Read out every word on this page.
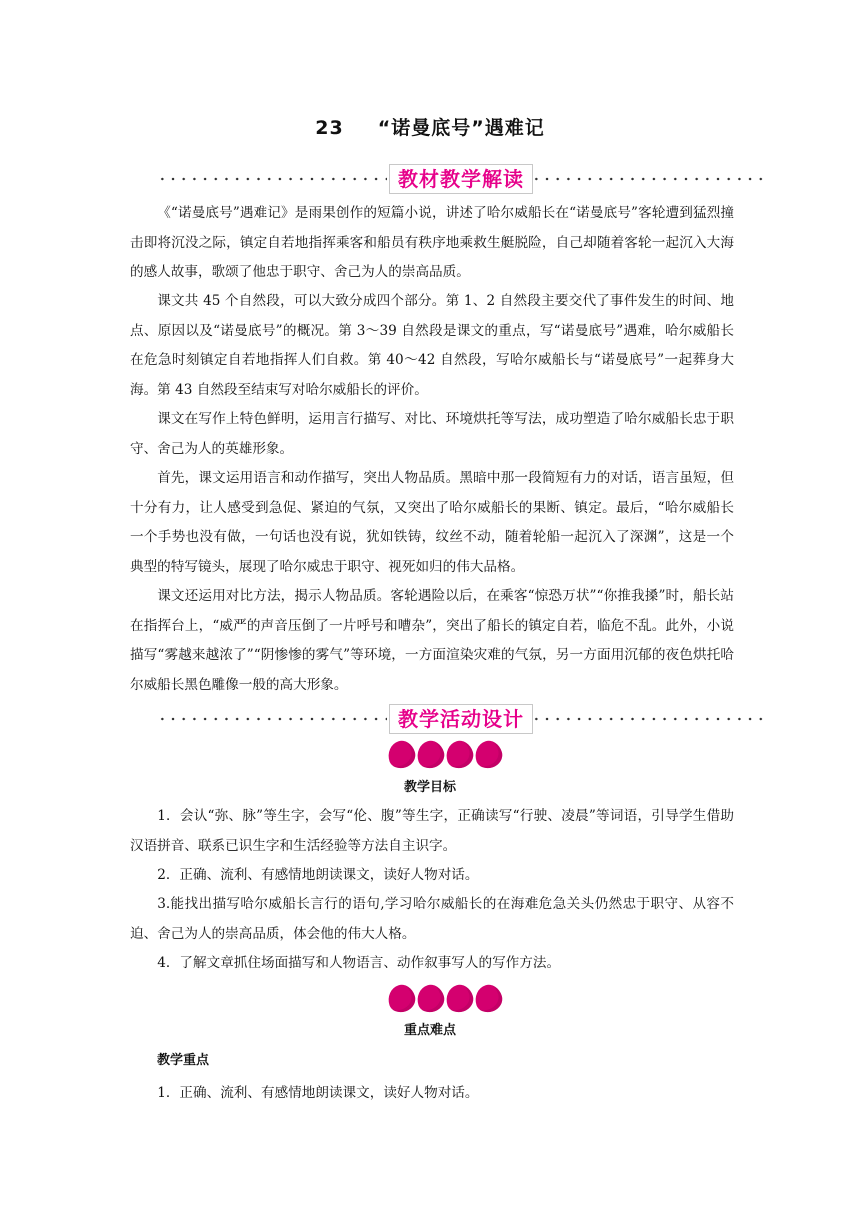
23 “诺曼底号”遇难记
教材教学解读

《“诺曼底号”遇难记》是雨果创作的短篇小说，讲述了哈尔威船长在“诺曼底号”客轮遭到猛烈撞击即将沉没之际，镇定自若地指挥乘客和船员有秩序地乘救生艇脱险，自己却随着客轮一起沉入大海的感人故事，歌颂了他忠于职守、舍己为人的崇高品质。

课文共 45 个自然段，可以大致分成四个部分。第 1、2 自然段主要交代了事件发生的时间、地点、原因以及“诺曼底号”的概况。第 3～39 自然段是课文的重点，写“诺曼底号”遇难，哈尔威船长在危急时刻镇定自若地指挥人们自救。第 40～42 自然段，写哈尔威船长与“诺曼底号”一起葬身大海。第 43 自然段至结束写对哈尔威船长的评价。

课文在写作上特色鲜明，运用言行描写、对比、环境烘托等写法，成功塑造了哈尔威船长忠于职守、舍己为人的英雄形象。

首先，课文运用语言和动作描写，突出人物品质。黑暗中那一段简短有力的对话，语言虽短，但十分有力，让人感受到急促、紧迫的气氛，又突出了哈尔威船长的果断、镇定。最后，“哈尔威船长一个手势也没有做，一句话也没有说，犹如铁铸，纹丝不动，随着轮船一起沉入了深渊”，这是一个典型的特写镜头，展现了哈尔威忠于职守、视死如归的伟大品格。

课文还运用对比方法，揭示人物品质。客轮遇险以后，在乘客“惊恐万状”“你推我搡”时，船长站在指挥台上，“威严的声音压倒了一片呼号和嘈杂”，突出了船长的镇定自若，临危不乱。此外，小说描写“雾越来越浓了”“阴惨惨的雾气”等环境，一方面渲染灾难的气氛，另一方面用沉郁的夜色烘托哈尔威船长黑色雕像一般的高大形象。

教学活动设计
教学目标

1．会认“弥、脉”等生字，会写“伦、腹”等生字，正确读写“行驶、凌晨”等词语，引导学生借助汉语拼音、联系已识生字和生活经验等方法自主识字。

2．正确、流利、有感情地朗读课文，读好人物对话。

3.能找出描写哈尔威船长言行的语句,学习哈尔威船长的在海难危急关头仍然忠于职守、从容不迫、舍己为人的崇高品质，体会他的伟大人格。

4．了解文章抓住场面描写和人物语言、动作叙事写人的写作方法。

重点难点
教学重点

1．正确、流利、有感情地朗读课文，读好人物对话。
